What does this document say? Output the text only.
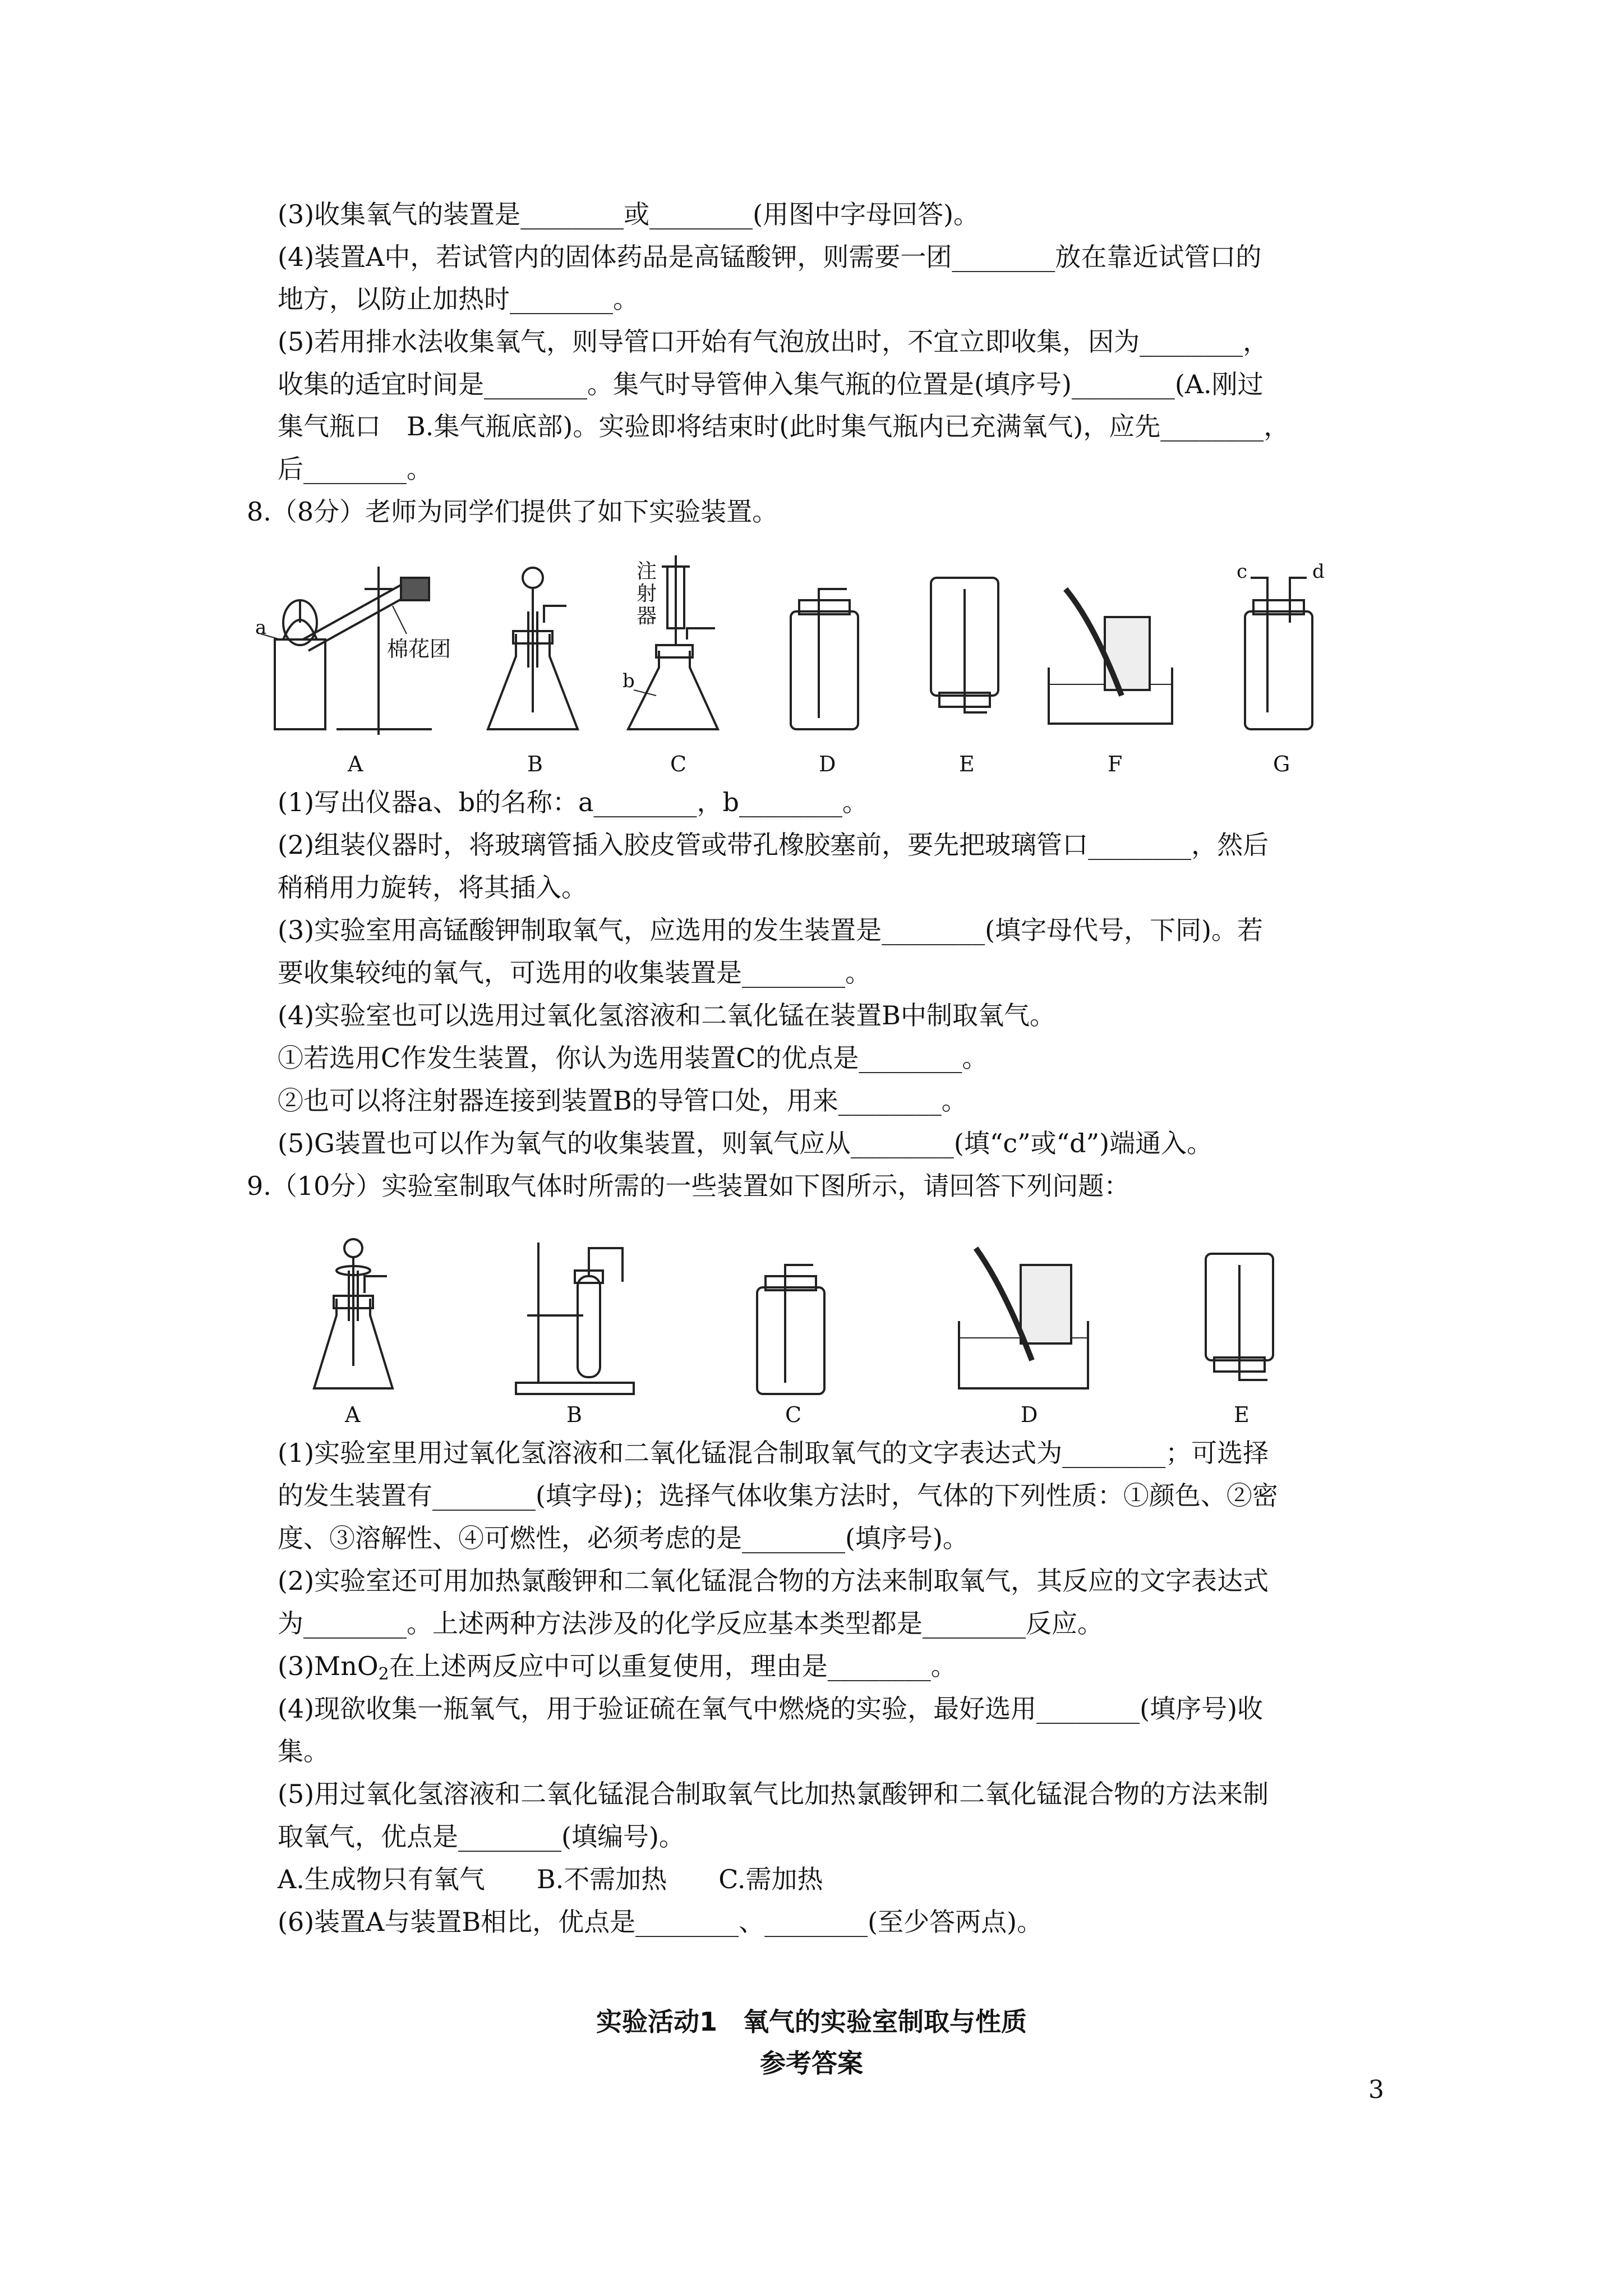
(3)收集氧气的装置是________或________(用图中字母回答)。
(4)装置A中，若试管内的固体药品是高锰酸钾，则需要一团________放在靠近试管口的
地方，以防止加热时________。
(5)若用排水法收集氧气，则导管口开始有气泡放出时，不宜立即收集，因为________，
收集的适宜时间是________。集气时导管伸入集气瓶的位置是(填序号)________(A.刚过
集气瓶口　B.集气瓶底部)。实验即将结束时(此时集气瓶内已充满氧气)，应先________，
后________。
8.（8分）老师为同学们提供了如下实验装置。
a
棉花团
b
注
射
器
c	d
A	B	C	D	E	F	G
(1)写出仪器a、b的名称：a________，b________。
(2)组装仪器时，将玻璃管插入胶皮管或带孔橡胶塞前，要先把玻璃管口________，然后
稍稍用力旋转，将其插入。
(3)实验室用高锰酸钾制取氧气，应选用的发生装置是________(填字母代号，下同)。若
要收集较纯的氧气，可选用的收集装置是________。
(4)实验室也可以选用过氧化氢溶液和二氧化锰在装置B中制取氧气。
①若选用C作发生装置，你认为选用装置C的优点是________。
②也可以将注射器连接到装置B的导管口处，用来________。
(5)G装置也可以作为氧气的收集装置，则氧气应从________(填“c”或“d”)端通入。
9.（10分）实验室制取气体时所需的一些装置如下图所示，请回答下列问题：
A	B	C	D	E
(1)实验室里用过氧化氢溶液和二氧化锰混合制取氧气的文字表达式为________；可选择
的发生装置有________(填字母)；选择气体收集方法时，气体的下列性质：①颜色、②密
度、③溶解性、④可燃性，必须考虑的是________(填序号)。
(2)实验室还可用加热氯酸钾和二氧化锰混合物的方法来制取氧气，其反应的文字表达式
为________。上述两种方法涉及的化学反应基本类型都是________反应。
(3)MnO$_2$在上述两反应中可以重复使用，理由是________。
(4)现欲收集一瓶氧气，用于验证硫在氧气中燃烧的实验，最好选用________(填序号)收
集。
(5)用过氧化氢溶液和二氧化锰混合制取氧气比加热氯酸钾和二氧化锰混合物的方法来制
取氧气，优点是________(填编号)。
A.生成物只有氧气　　B.不需加热　　C.需加热
(6)装置A与装置B相比，优点是________、________(至少答两点)。
实验活动1　氧气的实验室制取与性质
参考答案
3
